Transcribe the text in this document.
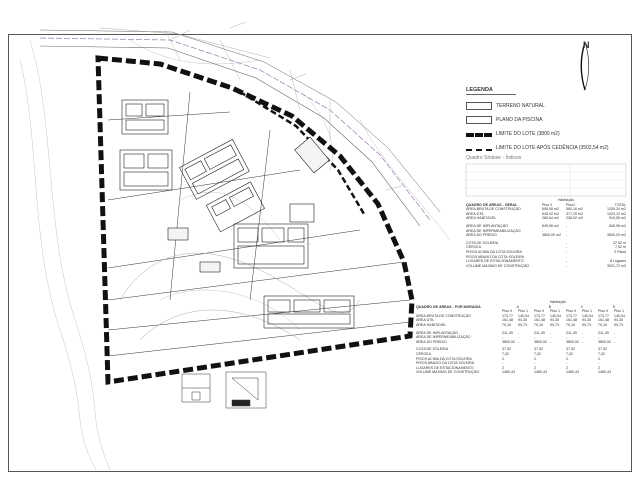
LEGENDA
TERRENO NATURAL
PLANO DA PISCINA
LIMITE DO LOTE (3800 m2)
LIMITE DO LOTE APÓS CEDÊNCIA (3502,54 m2)
N
Quadro Síntese - Índices
Habitação
QUADRO DE ÁREAS - GERAL	Piso 0	Piso1	TOTAL
ÁREA BRUTA DE CONSTRUÇÃO	695,08 m2	560,16 m2	1255,24 m2
ÁREA ÚTIL	645,92 m2	377,20 m2	1023,12 m2
ÁREA HABITÁVEL	280,64 m2	238,92 m2	519,56 m2
ÁREA DE IMPLANTAÇÃO	845,96 m2	-	845,96 m2
ÁREA DE IMPERMEABILIZAÇÃO	-	-	-
ÁREA DO PRÉDIO	3800,00 m2	-	3800,00 m2
COTA DE SOLEIRA	-	37,52 m
CÉRCEA	-	7,02 m
PISOS ACIMA DA COTA SOLEIRA	-	2 Pisos
PISOS ABAIXO DA COTA SOLEIRA	-	-
LUGARES DE ESTACIONAMENTO	-	8 Lugares
VOLUME MÁXIMO DE CONSTRUÇÃO	-	3921,72 m3
Habitação
QUADRO DE ÁREAS - POR MORADIA	A	B	C	D
Piso 0	Piso 1	Piso 0	Piso 1	Piso 0	Piso 1	Piso 0	Piso 1
ÁREA BRUTA DE CONSTRUÇÃO	173,77	140,04	173,77	140,04	173,77	140,04	173,77	140,04
ÁREA ÚTIL	161,48	94,30	161,48	94,30	161,48	94,30	161,48	94,30
ÁREA HABITÁVEL	70,16	59,73	70,16	59,73	70,16	59,73	70,16	59,73
ÁREA DE IMPLANTAÇÃO	211,49	-	211,49	-	211,49	-	211,49	-
ÁREA DE IMPERMEABILIZAÇÃO	-	-	-	-	-	-	-	-
ÁREA DO PRÉDIO	3800,00 -	3800,00 -	3800,00 -	3800,00 -
COTA DE SOLEIRA	37,52	37,52	37,52	37,52
CÉRCEA	7,02	7,02	7,02	7,02
PISOS ACIMA DA COTA SOLEIRA	2	2	2	2
PISOS ABAIXO DA COTA SOLEIRA	-	-	-	-
LUGARES DE ESTACIONAMENTO	2	2	2	2
VOLUME MÁXIMO DE CONSTRUÇÃO	1480,43	1480,43	1480,43	1480,43
~
